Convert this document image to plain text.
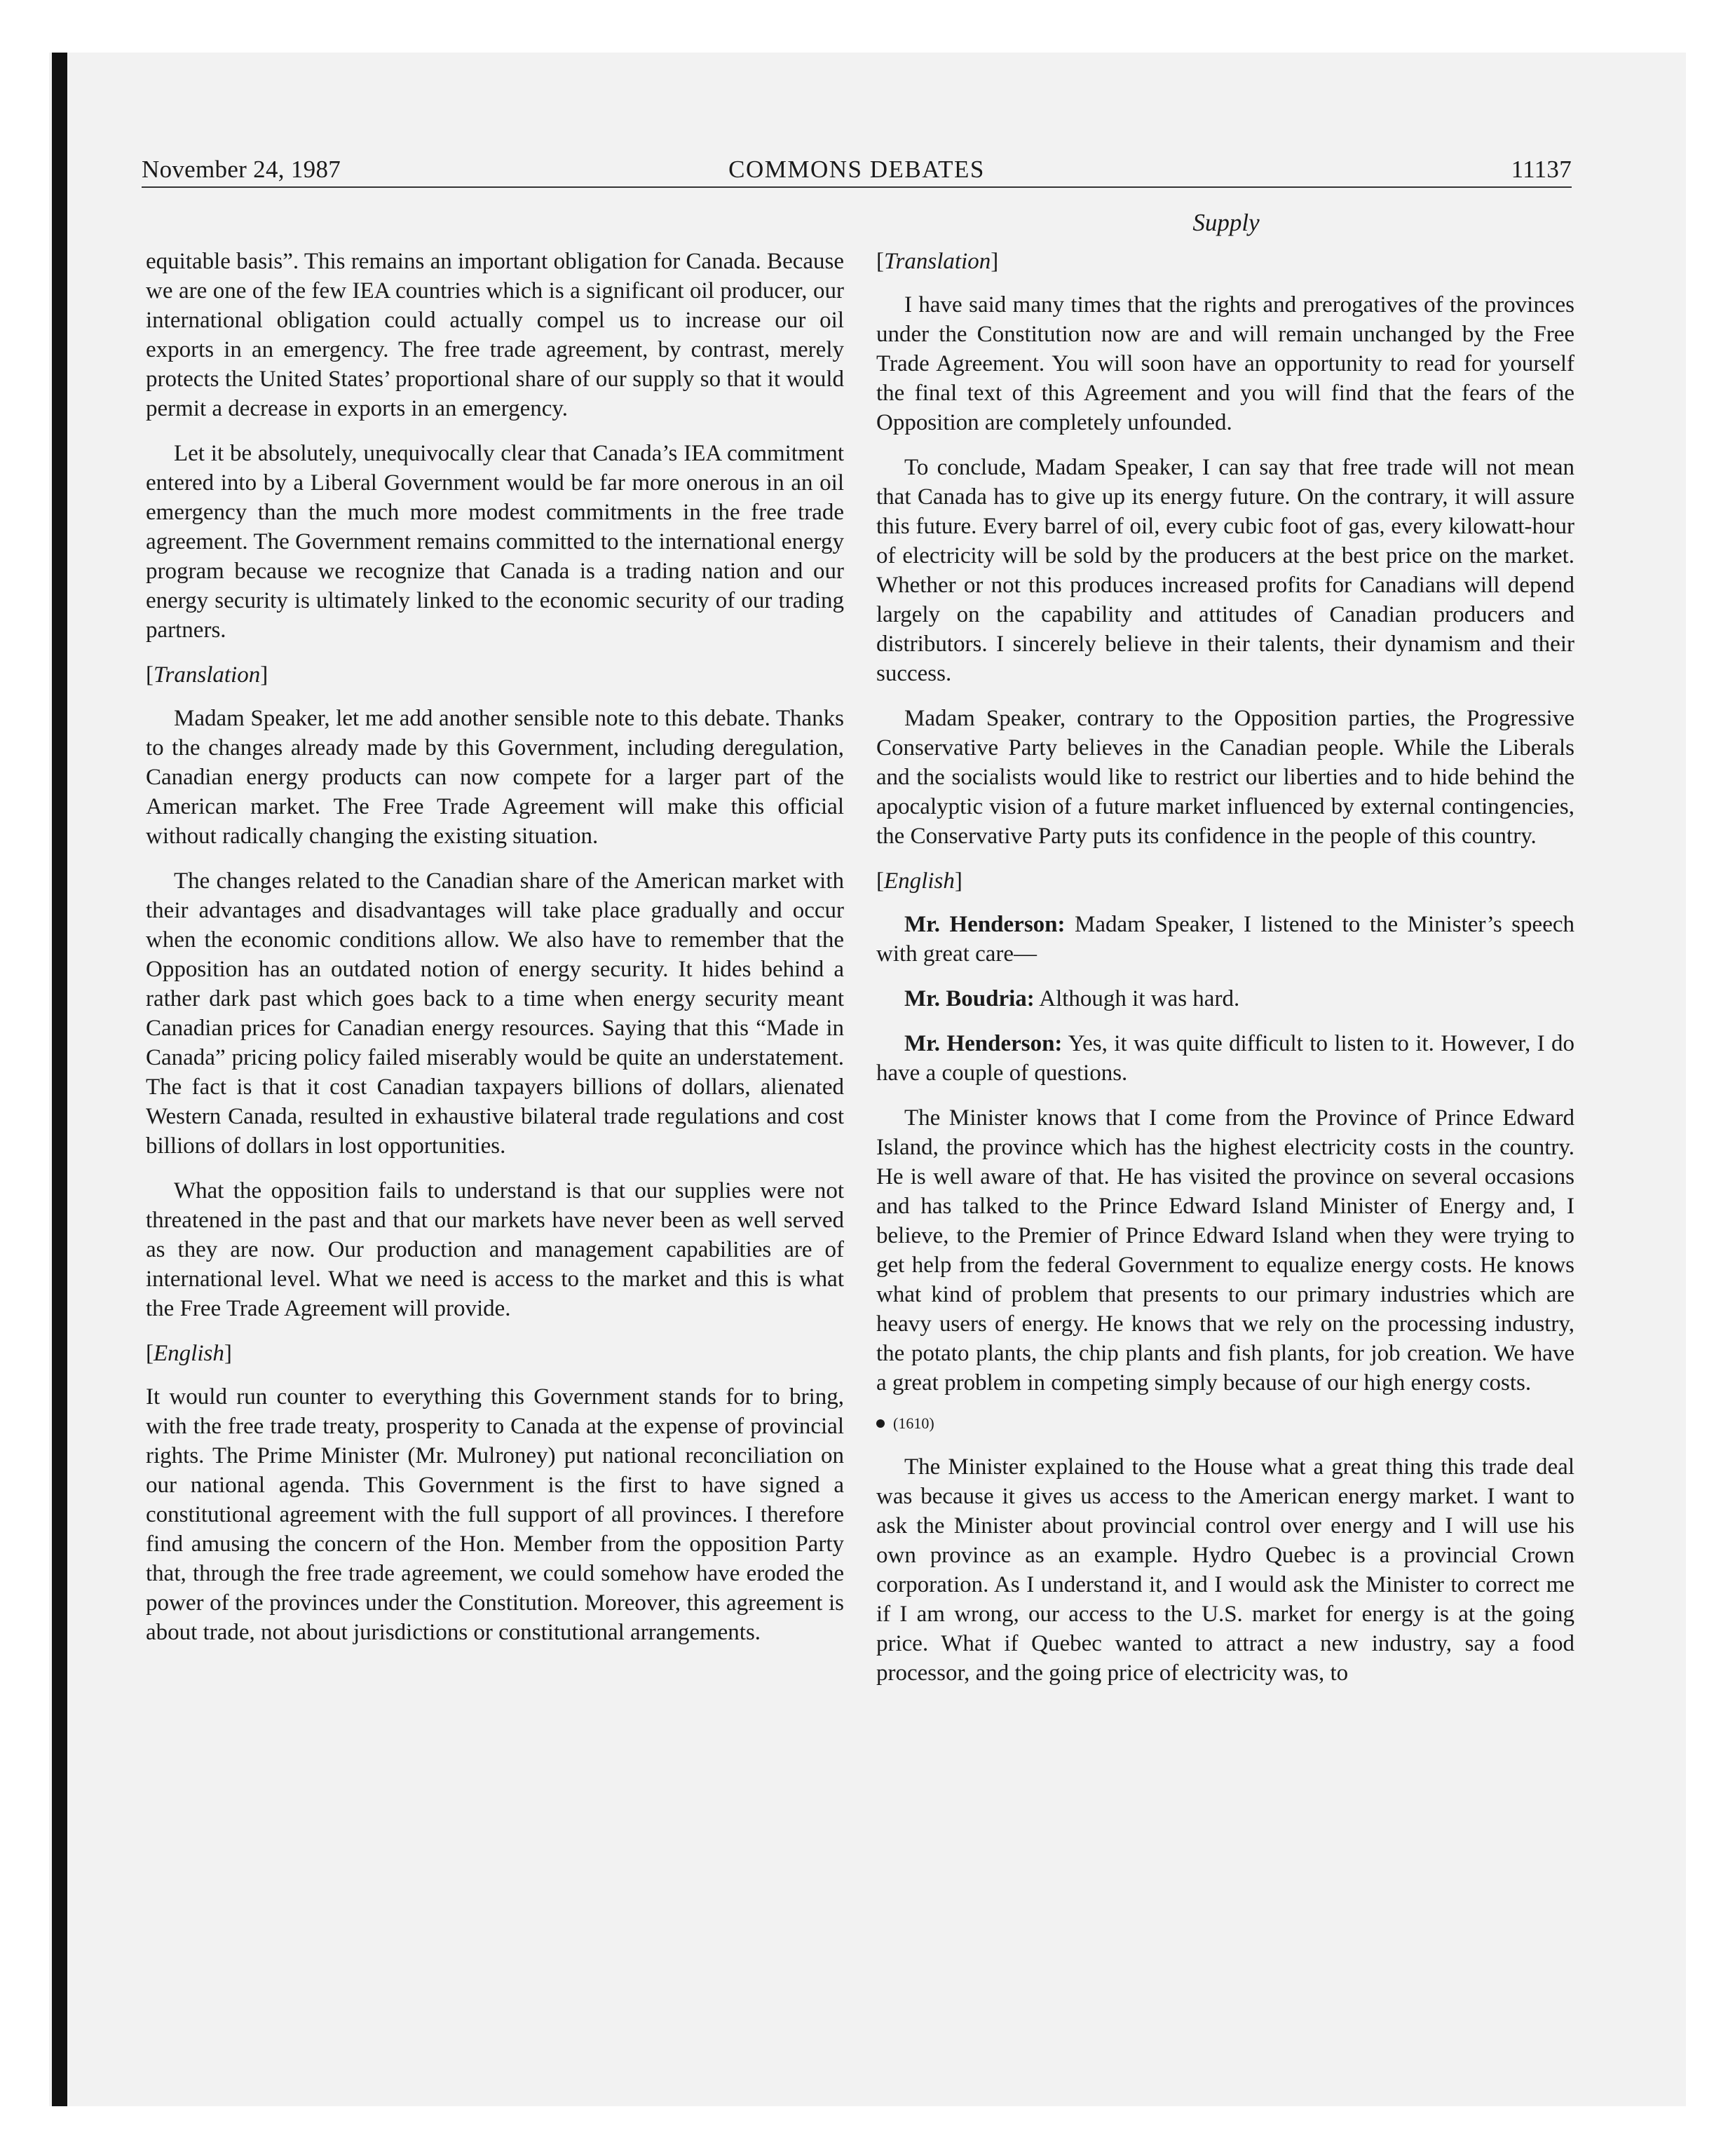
COMMONS DEBATES
November 24, 1987	11137
Supply

equitable basis”. This remains an important obligation for Canada. Because we are one of the few IEA countries which is a significant oil producer, our international obligation could actually compel us to increase our oil exports in an emergency. The free trade agreement, by contrast, merely protects the United States’ proportional share of our supply so that it would permit a decrease in exports in an emergency.

Let it be absolutely, unequivocally clear that Canada’s IEA commitment entered into by a Liberal Government would be far more onerous in an oil emergency than the much more modest commitments in the free trade agreement. The Government remains committed to the international energy program because we recognize that Canada is a trading nation and our energy security is ultimately linked to the economic security of our trading partners.

[Translation]

Madam Speaker, let me add another sensible note to this debate. Thanks to the changes already made by this Government, including deregulation, Canadian energy products can now compete for a larger part of the American market. The Free Trade Agreement will make this official without radically changing the existing situation.

The changes related to the Canadian share of the American market with their advantages and disadvantages will take place gradually and occur when the economic conditions allow. We also have to remember that the Opposition has an outdated notion of energy security. It hides behind a rather dark past which goes back to a time when energy security meant Canadian prices for Canadian energy resources. Saying that this “Made in Canada” pricing policy failed miserably would be quite an understatement. The fact is that it cost Canadian taxpayers billions of dollars, alienated Western Canada, resulted in exhaustive bilateral trade regulations and cost billions of dollars in lost opportunities.

What the opposition fails to understand is that our supplies were not threatened in the past and that our markets have never been as well served as they are now. Our production and management capabilities are of international level. What we need is access to the market and this is what the Free Trade Agreement will provide.

[English]

It would run counter to everything this Government stands for to bring, with the free trade treaty, prosperity to Canada at the expense of provincial rights. The Prime Minister (Mr. Mulroney) put national reconciliation on our national agenda. This Government is the first to have signed a constitutional agreement with the full support of all provinces. I therefore find amusing the concern of the Hon. Member from the opposition Party that, through the free trade agreement, we could somehow have eroded the power of the provinces under the Constitution. Moreover, this agreement is about trade, not about jurisdictions or constitutional arrangements.

[Translation]

I have said many times that the rights and prerogatives of the provinces under the Constitution now are and will remain unchanged by the Free Trade Agreement. You will soon have an opportunity to read for yourself the final text of this Agreement and you will find that the fears of the Opposition are completely unfounded.

To conclude, Madam Speaker, I can say that free trade will not mean that Canada has to give up its energy future. On the contrary, it will assure this future. Every barrel of oil, every cubic foot of gas, every kilowatt-hour of electricity will be sold by the producers at the best price on the market. Whether or not this produces increased profits for Canadians will depend largely on the capability and attitudes of Canadian producers and distributors. I sincerely believe in their talents, their dynamism and their success.

Madam Speaker, contrary to the Opposition parties, the Progressive Conservative Party believes in the Canadian people. While the Liberals and the socialists would like to restrict our liberties and to hide behind the apocalyptic vision of a future market influenced by external contingencies, the Conservative Party puts its confidence in the people of this country.

[English]

Mr. Henderson: Madam Speaker, I listened to the Minister’s speech with great care—

Mr. Boudria: Although it was hard.

Mr. Henderson: Yes, it was quite difficult to listen to it. However, I do have a couple of questions.

The Minister knows that I come from the Province of Prince Edward Island, the province which has the highest electricity costs in the country. He is well aware of that. He has visited the province on several occasions and has talked to the Prince Edward Island Minister of Energy and, I believe, to the Premier of Prince Edward Island when they were trying to get help from the federal Government to equalize energy costs. He knows what kind of problem that presents to our primary industries which are heavy users of energy. He knows that we rely on the processing industry, the potato plants, the chip plants and fish plants, for job creation. We have a great problem in competing simply because of our high energy costs.

(1610)

The Minister explained to the House what a great thing this trade deal was because it gives us access to the American energy market. I want to ask the Minister about provincial control over energy and I will use his own province as an example. Hydro Quebec is a provincial Crown corporation. As I understand it, and I would ask the Minister to correct me if I am wrong, our access to the U.S. market for energy is at the going price. What if Quebec wanted to attract a new industry, say a food processor, and the going price of electricity was, to
